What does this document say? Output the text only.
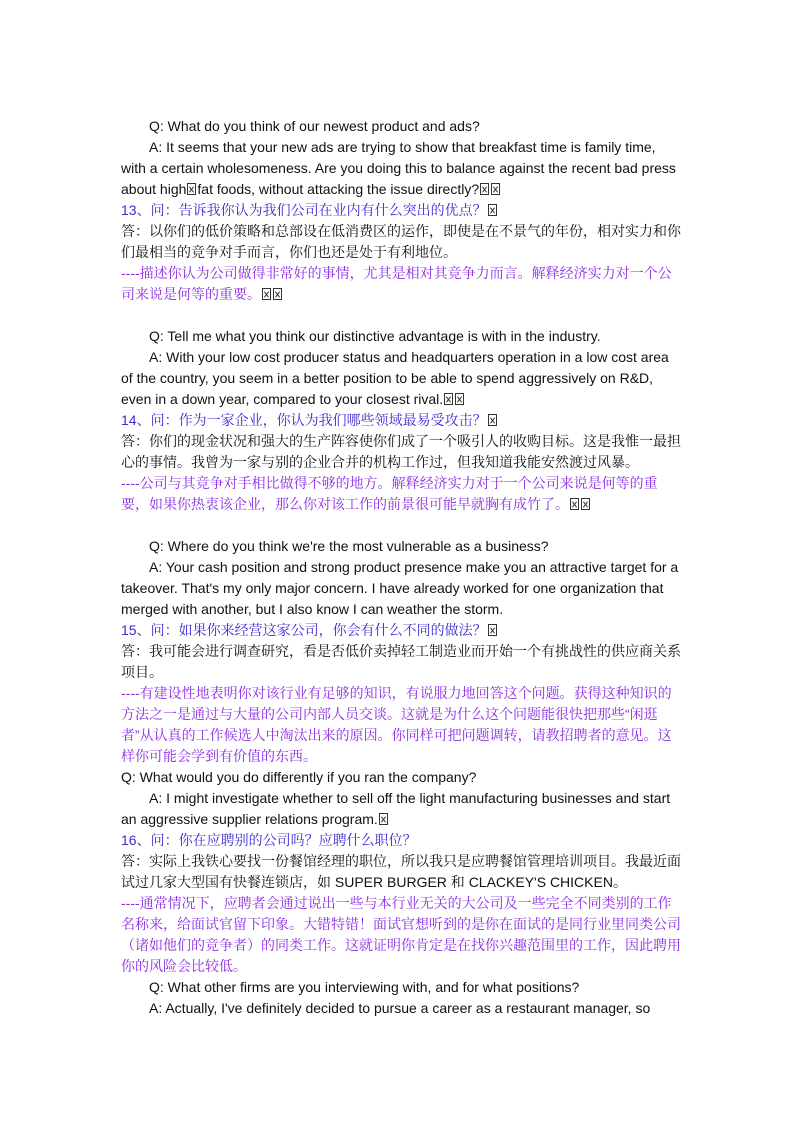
Q: What do you think of our newest product and ads?

A: It seems that your new ads are trying to show that breakfast time is family time, with a certain wholesomeness. Are you doing this to balance against the recent bad press about high fat foods, without attacking the issue directly?

13、问：告诉我你认为我们公司在业内有什么突出的优点？

答：以你们的低价策略和总部设在低消费区的运作，即使是在不景气的年份，相对实力和你们最相当的竞争对手而言，你们也还是处于有利地位。

----描述你认为公司做得非常好的事情，尤其是相对其竞争力而言。解释经济实力对一个公司来说是何等的重要。

Q: Tell me what you think our distinctive advantage is with in the industry.

A: With your low cost producer status and headquarters operation in a low cost area of the country, you seem in a better position to be able to spend aggressively on R&D, even in a down year, compared to your closest rival.

14、问：作为一家企业，你认为我们哪些领域最易受攻击？

答：你们的现金状况和强大的生产阵容使你们成了一个吸引人的收购目标。这是我惟一最担心的事情。我曾为一家与别的企业合并的机构工作过，但我知道我能安然渡过风暴。

----公司与其竞争对手相比做得不够的地方。解释经济实力对于一个公司来说是何等的重要，如果你热衷该企业，那么你对该工作的前景很可能早就胸有成竹了。

Q: Where do you think we're the most vulnerable as a business?

A: Your cash position and strong product presence make you an attractive target for a takeover. That's my only major concern. I have already worked for one organization that merged with another, but I also know I can weather the storm.

15、问：如果你来经营这家公司，你会有什么不同的做法？

答：我可能会进行调查研究，看是否低价卖掉轻工制造业而开始一个有挑战性的供应商关系项目。

----有建设性地表明你对该行业有足够的知识，有说服力地回答这个问题。获得这种知识的方法之一是通过与大量的公司内部人员交谈。这就是为什么这个问题能很快把那些“闲逛者”从认真的工作候选人中淘汰出来的原因。你同样可把问题调转，请教招聘者的意见。这样你可能会学到有价值的东西。

Q: What would you do differently if you ran the company?

A: I might investigate whether to sell off the light manufacturing businesses and start an aggressive supplier relations program.

16、问：你在应聘别的公司吗？应聘什么职位？

答：实际上我铁心要找一份餐馆经理的职位，所以我只是应聘餐馆管理培训项目。我最近面试过几家大型国有快餐连锁店，如 SUPER BURGER 和 CLACKEY'S CHICKEN。

----通常情况下，应聘者会通过说出一些与本行业无关的大公司及一些完全不同类别的工作名称来，给面试官留下印象。大错特错！面试官想听到的是你在面试的是同行业里同类公司（诸如他们的竞争者）的同类工作。这就证明你肯定是在找你兴趣范围里的工作，因此聘用你的风险会比较低。

Q: What other firms are you interviewing with, and for what positions?

A: Actually, I've definitely decided to pursue a career as a restaurant manager, so
